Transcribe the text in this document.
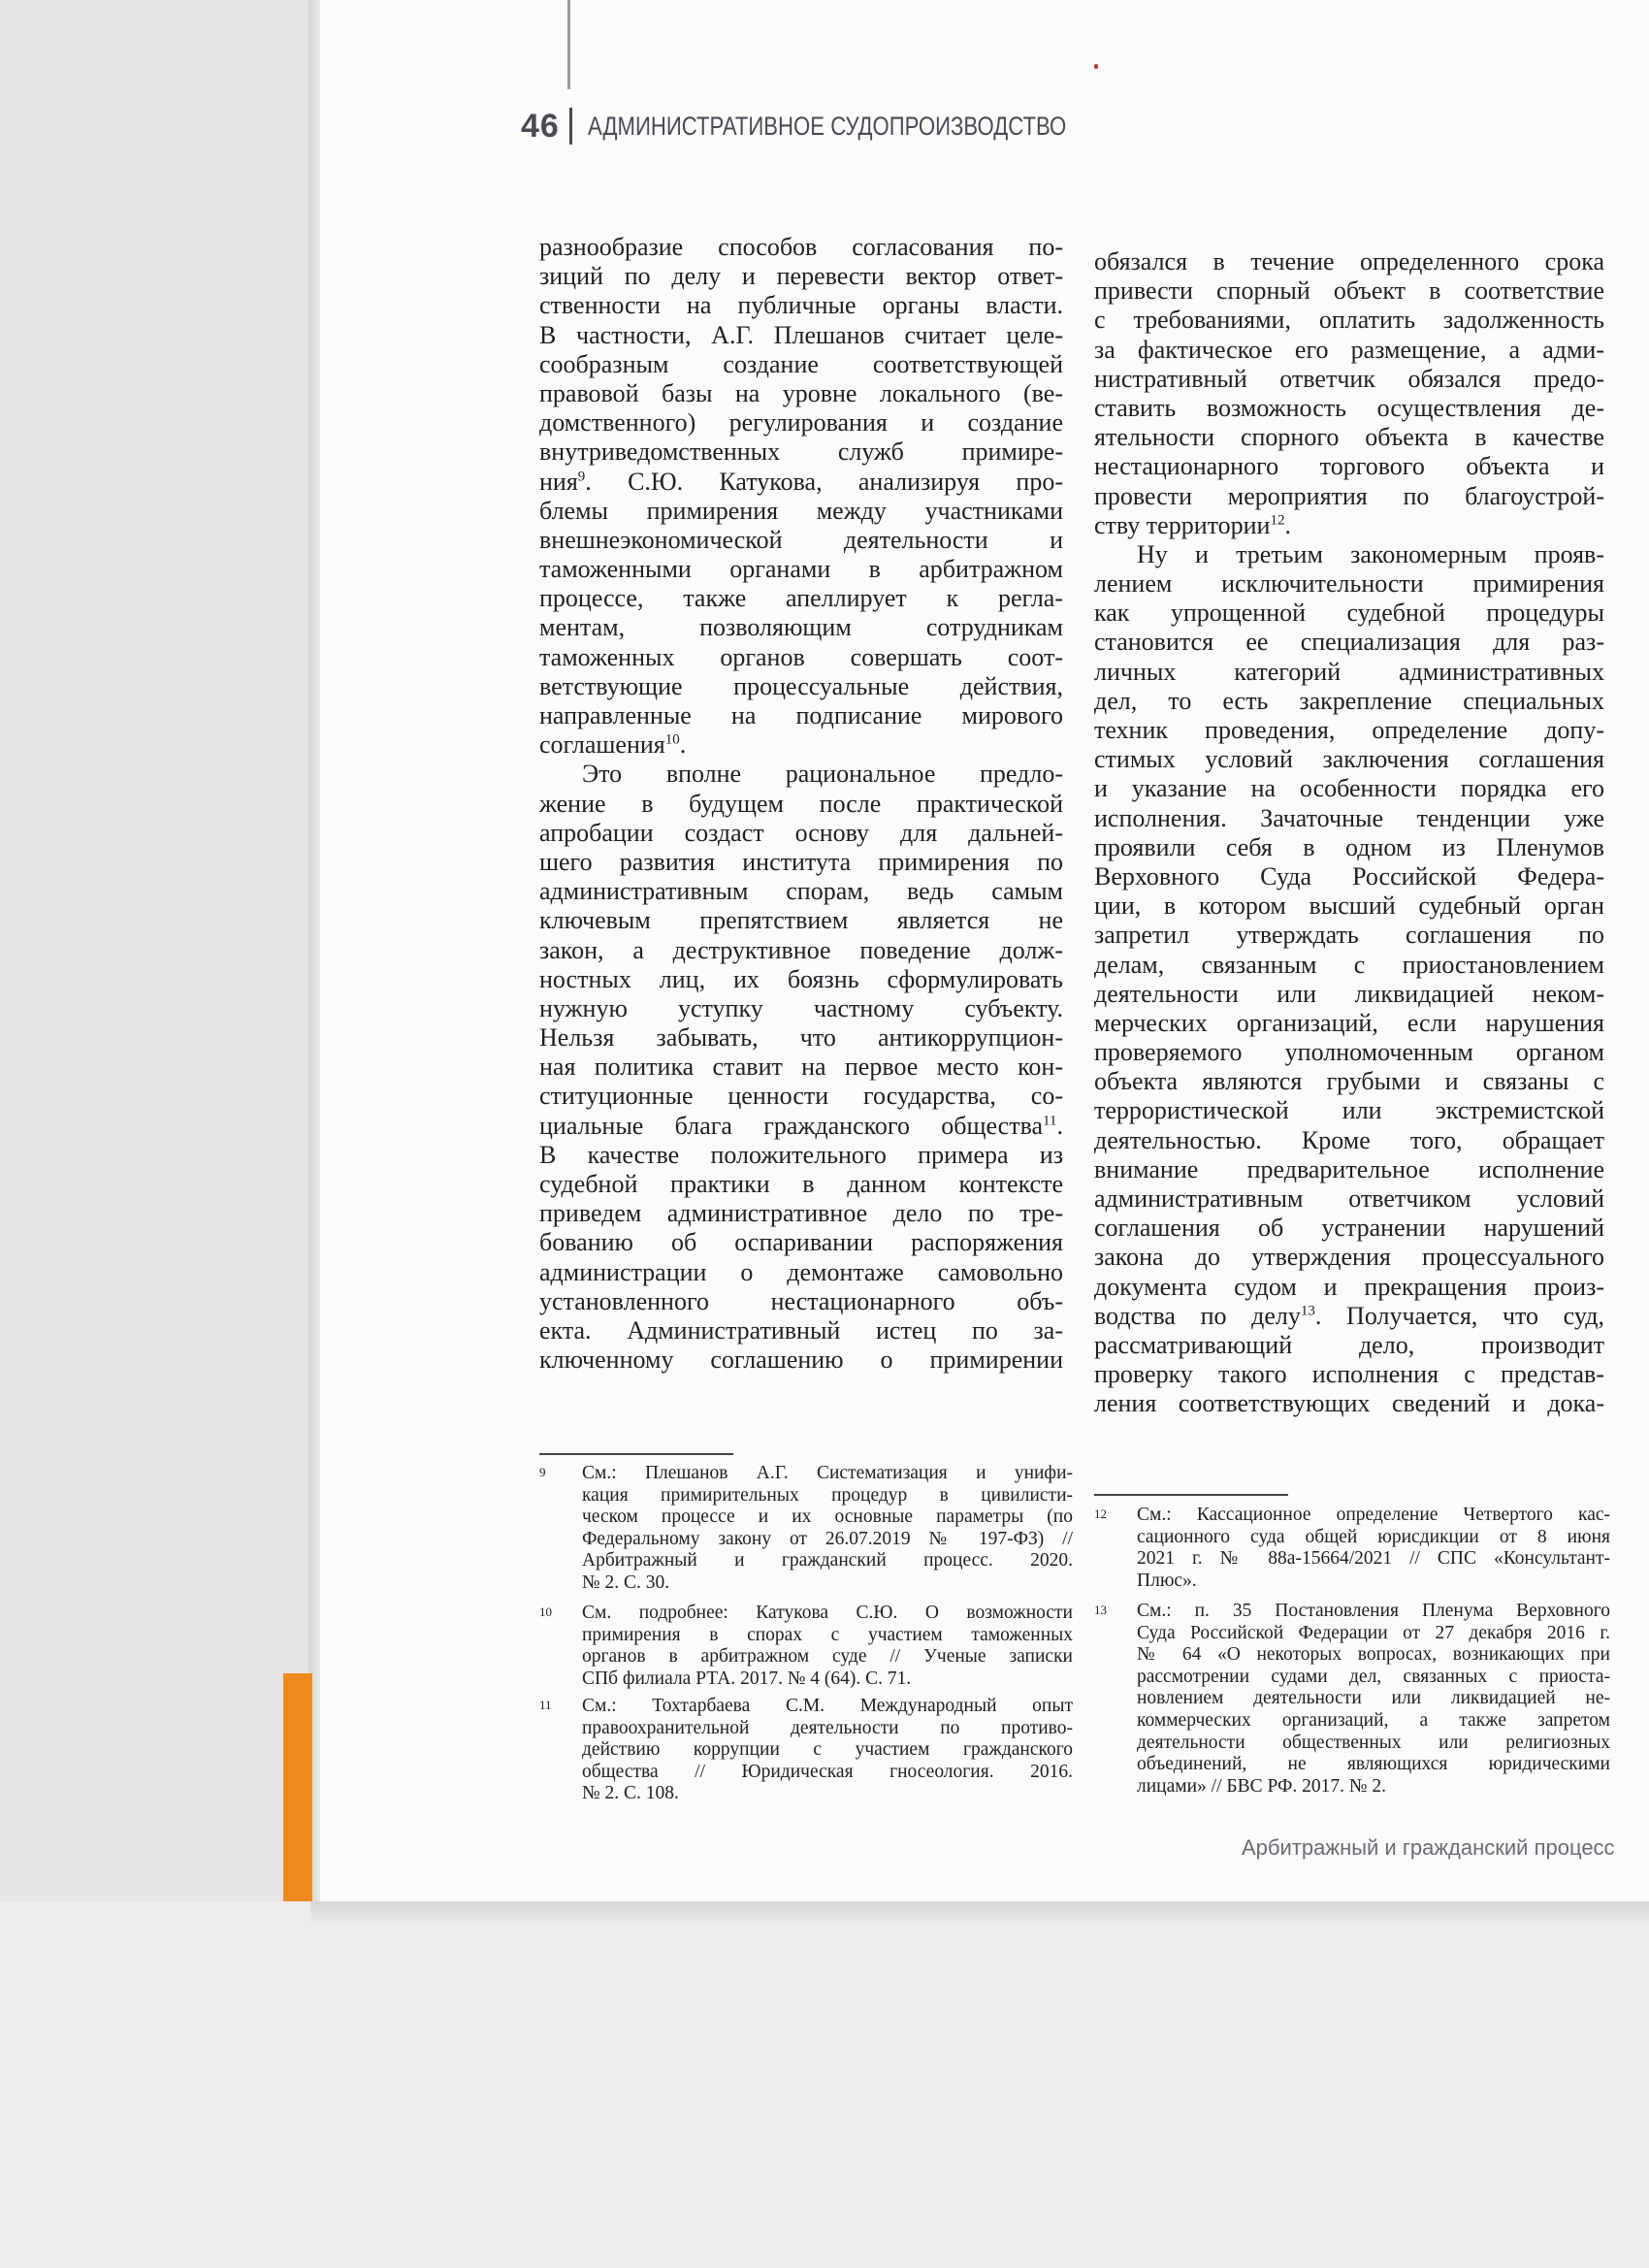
46 АДМИНИСТРАТИВНОЕ СУДОПРОИЗВОДСТВО
разнообразие способов согласования по-
зиций по делу и перевести вектор ответ-
ственности на публичные органы власти.
В частности, А.Г. Плешанов считает целе-
сообразным создание соответствующей
правовой базы на уровне локального (ве-
домственного) регулирования и создание
внутриведомственных служб примире-
ния$^9$. С.Ю. Катукова, анализируя про-
блемы примирения между участниками
внешнеэкономической деятельности и
таможенными органами в арбитражном
процессе, также апеллирует к регла-
ментам, позволяющим сотрудникам
таможенных органов совершать соот-
ветствующие процессуальные действия,
направленные на подписание мирового
соглашения$^{10}$.
Это вполне рациональное предло-
жение в будущем после практической
апробации создаст основу для дальней-
шего развития института примирения по
административным спорам, ведь самым
ключевым препятствием является не
закон, а деструктивное поведение долж-
ностных лиц, их боязнь сформулировать
нужную уступку частному субъекту.
Нельзя забывать, что антикоррупцион-
ная политика ставит на первое место кон-
ституционные ценности государства, со-
циальные блага гражданского общества$^{11}$.
В качестве положительного примера из
судебной практики в данном контексте
приведем административное дело по тре-
бованию об оспаривании распоряжения
администрации о демонтаже самовольно
установленного нестационарного объ-
екта. Административный истец по за-
ключенному соглашению о примирении
обязался в течение определенного срока
привести спорный объект в соответствие
с требованиями, оплатить задолженность
за фактическое его размещение, а адми-
нистративный ответчик обязался предо-
ставить возможность осуществления де-
ятельности спорного объекта в качестве
нестационарного торгового объекта и
провести мероприятия по благоустрой-
ству территории$^{12}$.
Ну и третьим закономерным прояв-
лением исключительности примирения
как упрощенной судебной процедуры
становится ее специализация для раз-
личных категорий административных
дел, то есть закрепление специальных
техник проведения, определение допу-
стимых условий заключения соглашения
и указание на особенности порядка его
исполнения. Зачаточные тенденции уже
проявили себя в одном из Пленумов
Верховного Суда Российской Федера-
ции, в котором высший судебный орган
запретил утверждать соглашения по
делам, связанным с приостановлением
деятельности или ликвидацией неком-
мерческих организаций, если нарушения
проверяемого уполномоченным органом
объекта являются грубыми и связаны с
террористической или экстремистской
деятельностью. Кроме того, обращает
внимание предварительное исполнение
административным ответчиком условий
соглашения об устранении нарушений
закона до утверждения процессуального
документа судом и прекращения произ-
водства по делу$^{13}$. Получается, что суд,
рассматривающий дело, производит
проверку такого исполнения с представ-
ления соответствующих сведений и дока-
9 См.: Плешанов А.Г. Систематизация и унифи-
кация примирительных процедур в цивилисти-
ческом процессе и их основные параметры (по
Федеральному закону от 26.07.2019 № 197-ФЗ) //
Арбитражный и гражданский процесс. 2020.
№ 2. С. 30.
10 См. подробнее: Катукова С.Ю. О возможности
примирения в спорах с участием таможенных
органов в арбитражном суде // Ученые записки
СПб филиала РТА. 2017. № 4 (64). С. 71.
11 См.: Тохтарбаева С.М. Международный опыт
правоохранительной деятельности по противо-
действию коррупции с участием гражданского
общества // Юридическая гносеология. 2016.
№ 2. С. 108.
12 См.: Кассационное определение Четвертого кас-
сационного суда общей юрисдикции от 8 июня
2021 г. № 88а-15664/2021 // СПС «Консультант-
Плюс».
13 См.: п. 35 Постановления Пленума Верховного
Суда Российской Федерации от 27 декабря 2016 г.
№ 64 «О некоторых вопросах, возникающих при
рассмотрении судами дел, связанных с приоста-
новлением деятельности или ликвидацией не-
коммерческих организаций, а также запретом
деятельности общественных или религиозных
объединений, не являющихся юридическими
лицами» // БВС РФ. 2017. № 2.
Арбитражный и гражданский процесс
